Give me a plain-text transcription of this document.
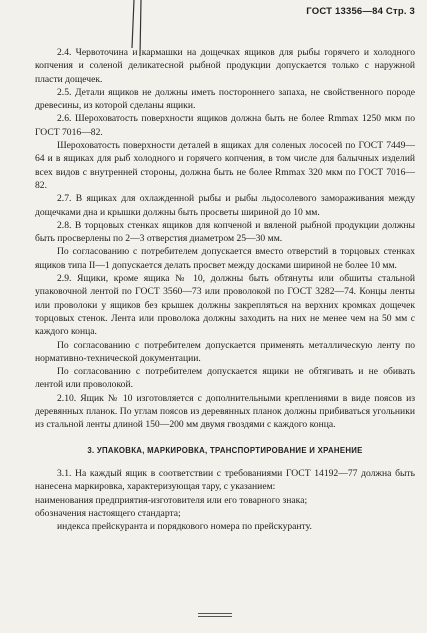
ГОСТ 13356—84 Стр. 3

2.4. Червоточина и кармашки на дощечках ящиков для рыбы горячего и холодного копчения и соленой деликатесной рыбной продукции допускается только с наружной пласти дощечек.

2.5. Детали ящиков не должны иметь постороннего запаха, не свойственного породе древесины, из которой сделаны ящики.

2.6. Шероховатость поверхности ящиков должна быть не более Rmmax 1250 мкм по ГОСТ 7016—82.

Шероховатость поверхности деталей в ящиках для соленых лососей по ГОСТ 7449—64 и в ящиках для рыб холодного и горячего копчения, в том числе для балычных изделий всех видов с внутренней стороны, должна быть не более Rmmax 320 мкм по ГОСТ 7016—82.

2.7. В ящиках для охлажденной рыбы и рыбы льдосолевого замораживания между дощечками дна и крышки должны быть просветы шириной до 10 мм.

2.8. В торцовых стенках ящиков для копченой и вяленой рыбной продукции должны быть просверлены по 2—3 отверстия диаметром 25—30 мм.

По согласованию с потребителем допускается вместо отверстий в торцовых стенках ящиков типа II—1 допускается делать просвет между досками шириной не более 10 мм.

2.9. Ящики, кроме ящика № 10, должны быть обтянуты или обшиты стальной упаковочной лентой по ГОСТ 3560—73 или проволокой по ГОСТ 3282—74. Концы ленты или проволоки у ящиков без крышек должны закрепляться на верхних кромках дощечек торцовых стенок. Лента или проволока должны заходить на них не менее чем на 50 мм с каждого конца.

По согласованию с потребителем допускается применять металлическую ленту по нормативно-технической документации.

По согласованию с потребителем допускается ящики не обтягивать и не обивать лентой или проволокой.

2.10. Ящик № 10 изготовляется с дополнительными креплениями в виде поясов из деревянных планок. По углам поясов из деревянных планок должны прибиваться угольники из стальной ленты длиной 150—200 мм двумя гвоздями с каждого конца.

3. УПАКОВКА, МАРКИРОВКА, ТРАНСПОРТИРОВАНИЕ И ХРАНЕНИЕ

3.1. На каждый ящик в соответствии с требованиями ГОСТ 14192—77 должна быть нанесена маркировка, характеризующая тару, с указанием:

наименования предприятия-изготовителя или его товарного знака;

обозначения настоящего стандарта;

индекса прейскуранта и порядкового номера по прейскуранту.
